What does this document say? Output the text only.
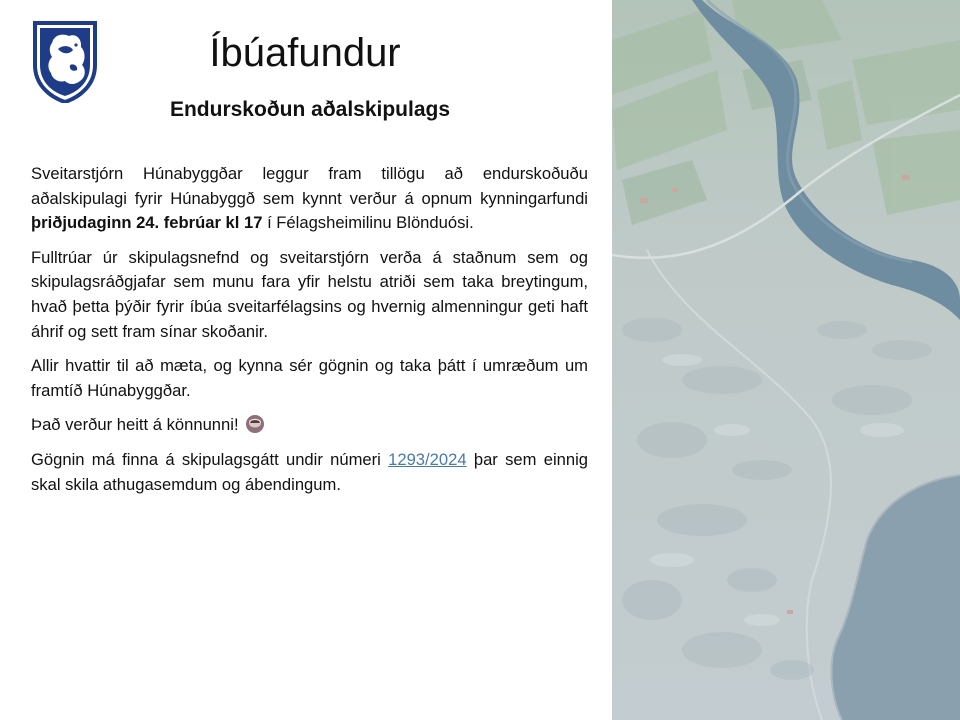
Íbúafundur
Endurskoðun aðalskipulags

Sveitarstjórn Húnabyggðar leggur fram tillögu að endurskoðuðu aðalskipulagi fyrir Húnabyggð sem kynnt verður á opnum kynningarfundi þriðjudaginn 24. febrúar kl 17 í Félagsheimilinu Blönduósi.

Fulltrúar úr skipulagsnefnd og sveitarstjórn verða á staðnum sem og skipulagsráðgjafar sem munu fara yfir helstu atriði sem taka breytingum, hvað þetta þýðir fyrir íbúa sveitarfélagsins og hvernig almenningur geti haft áhrif og sett fram sínar skoðanir.

Allir hvattir til að mæta, og kynna sér gögnin og taka þátt í umræðum um framtíð Húnabyggðar.

Það verður heitt á könnunni!

Gögnin má finna á skipulagsgátt undir númeri 1293/2024 þar sem einnig skal skila athugasemdum og ábendingum.
